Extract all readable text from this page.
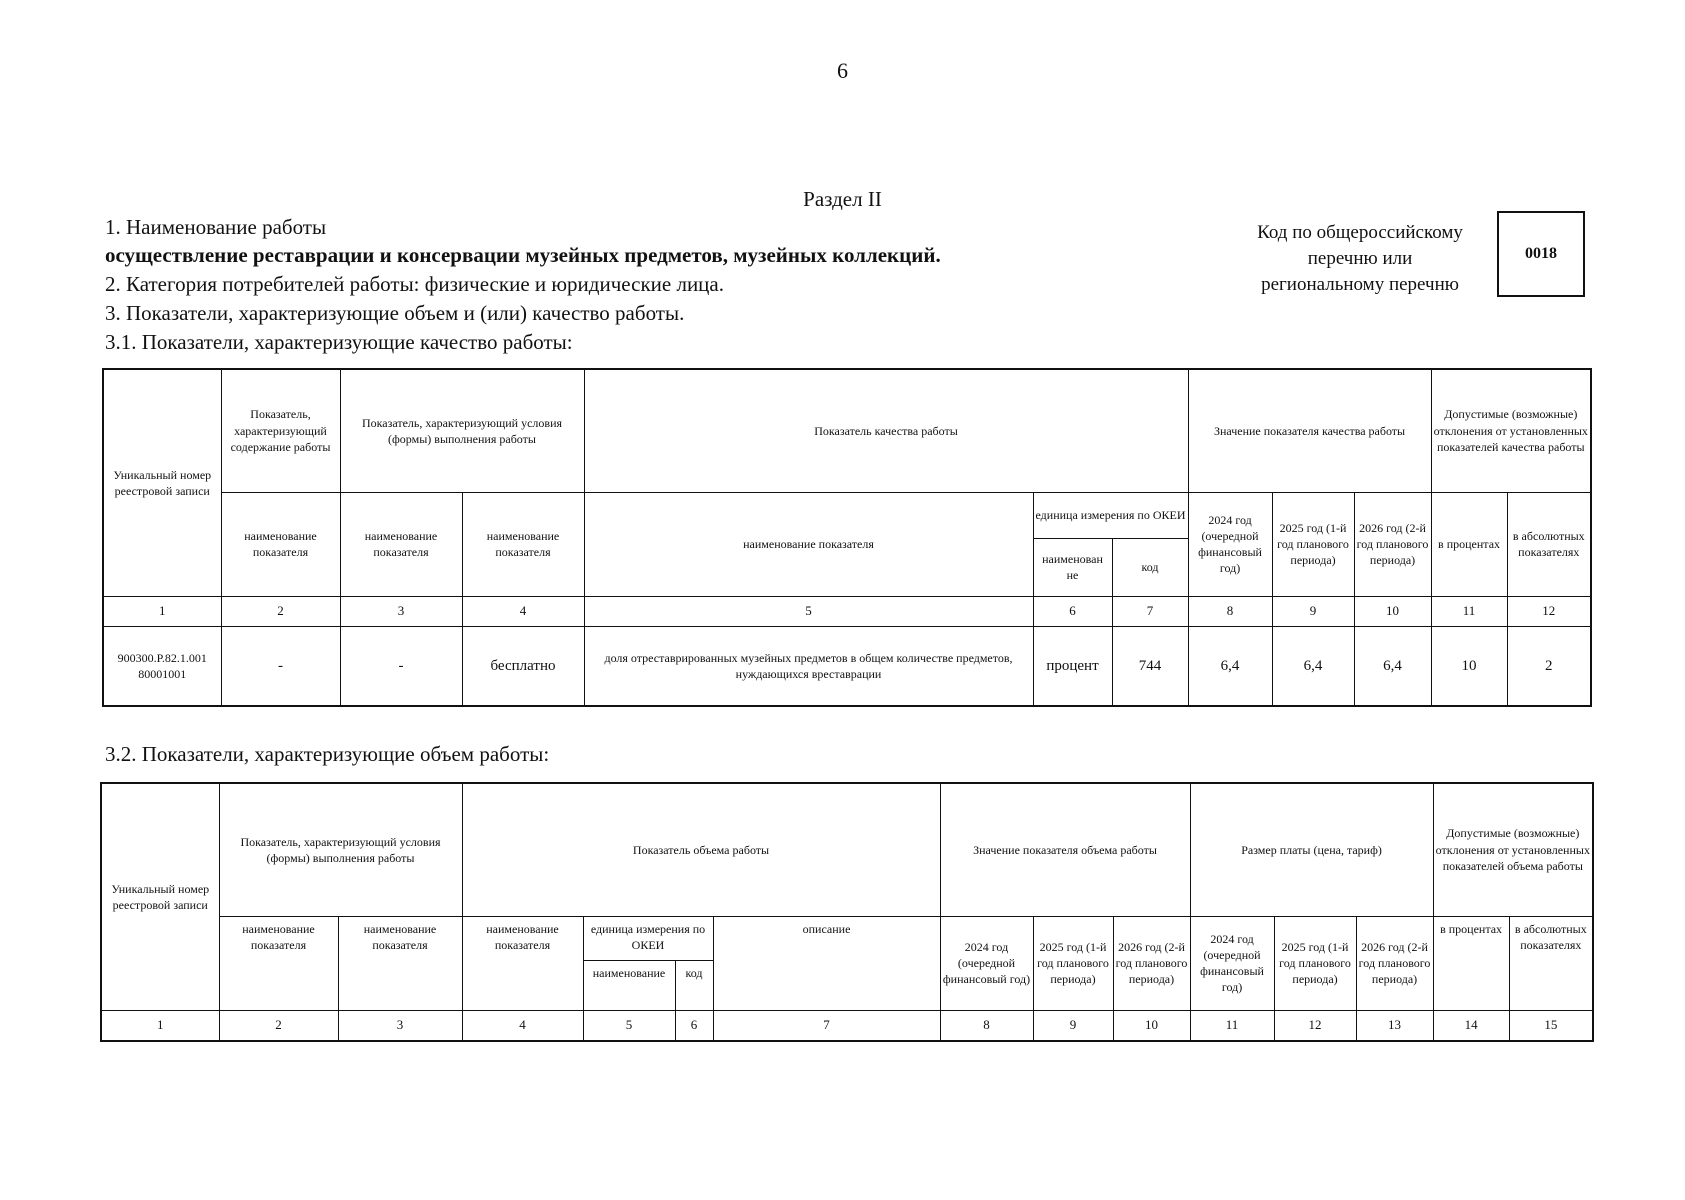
6
Раздел II
1. Наименование работы
осуществление реставрации и консервации музейных предметов, музейных коллекций.
2. Категория потребителей работы: физические и юридические лица.
3. Показатели, характеризующие объем и (или) качество работы.
3.1. Показатели, характеризующие качество работы:
Код по общероссийскому
перечню или
региональному перечню
0018
Уникальный номер реестровой записи	Показатель, характеризующий содержание работы	Показатель, характеризующий условия (формы) выполнения работы		Показатель качества работы			Значение показателя качества работы			Допустимые (возможные) отклонения от установленных показателей качества работы	
	наименование показателя	наименование показателя	наименование показателя	наименование показателя	единица измерения по ОКЕИ		2024 год (очередной финансовый год)	2025 год (1-й год планового периода)	2026 год (2-й год планового периода)	в процентах	в абсолютных показателях
					наименован не	код					
1	2	3	4	5	6	7	8	9	10	11	12
900300.Р.82.1.001 80001001	-	-	бесплатно	доля отреставрированных музейных предметов в общем количестве предметов, нуждающихся вреставрации	процент	744	6,4	6,4	6,4	10	2
3.2. Показатели, характеризующие объем работы:
Уникальный номер реестровой записи	Показатель, характеризующий условия (формы) выполнения работы		Показатель объема работы				Значение показателя объема работы			Размер платы (цена, тариф)			Допустимые (возможные) отклонения от установленных показателей объема работы	
	наименование показателя	наименование показателя	наименование показателя	единица измерения по ОКЕИ		описание	2024 год (очередной финансовый год)	2025 год (1-й год планового периода)	2026 год (2-й год планового периода)	2024 год (очередной финансовый год)	2025 год (1-й год планового периода)	2026 год (2-й год планового периода)	в процентах	в абсолютных показателях
				наименование	код									
1	2	3	4	5	6	7	8	9	10	11	12	13	14	15
